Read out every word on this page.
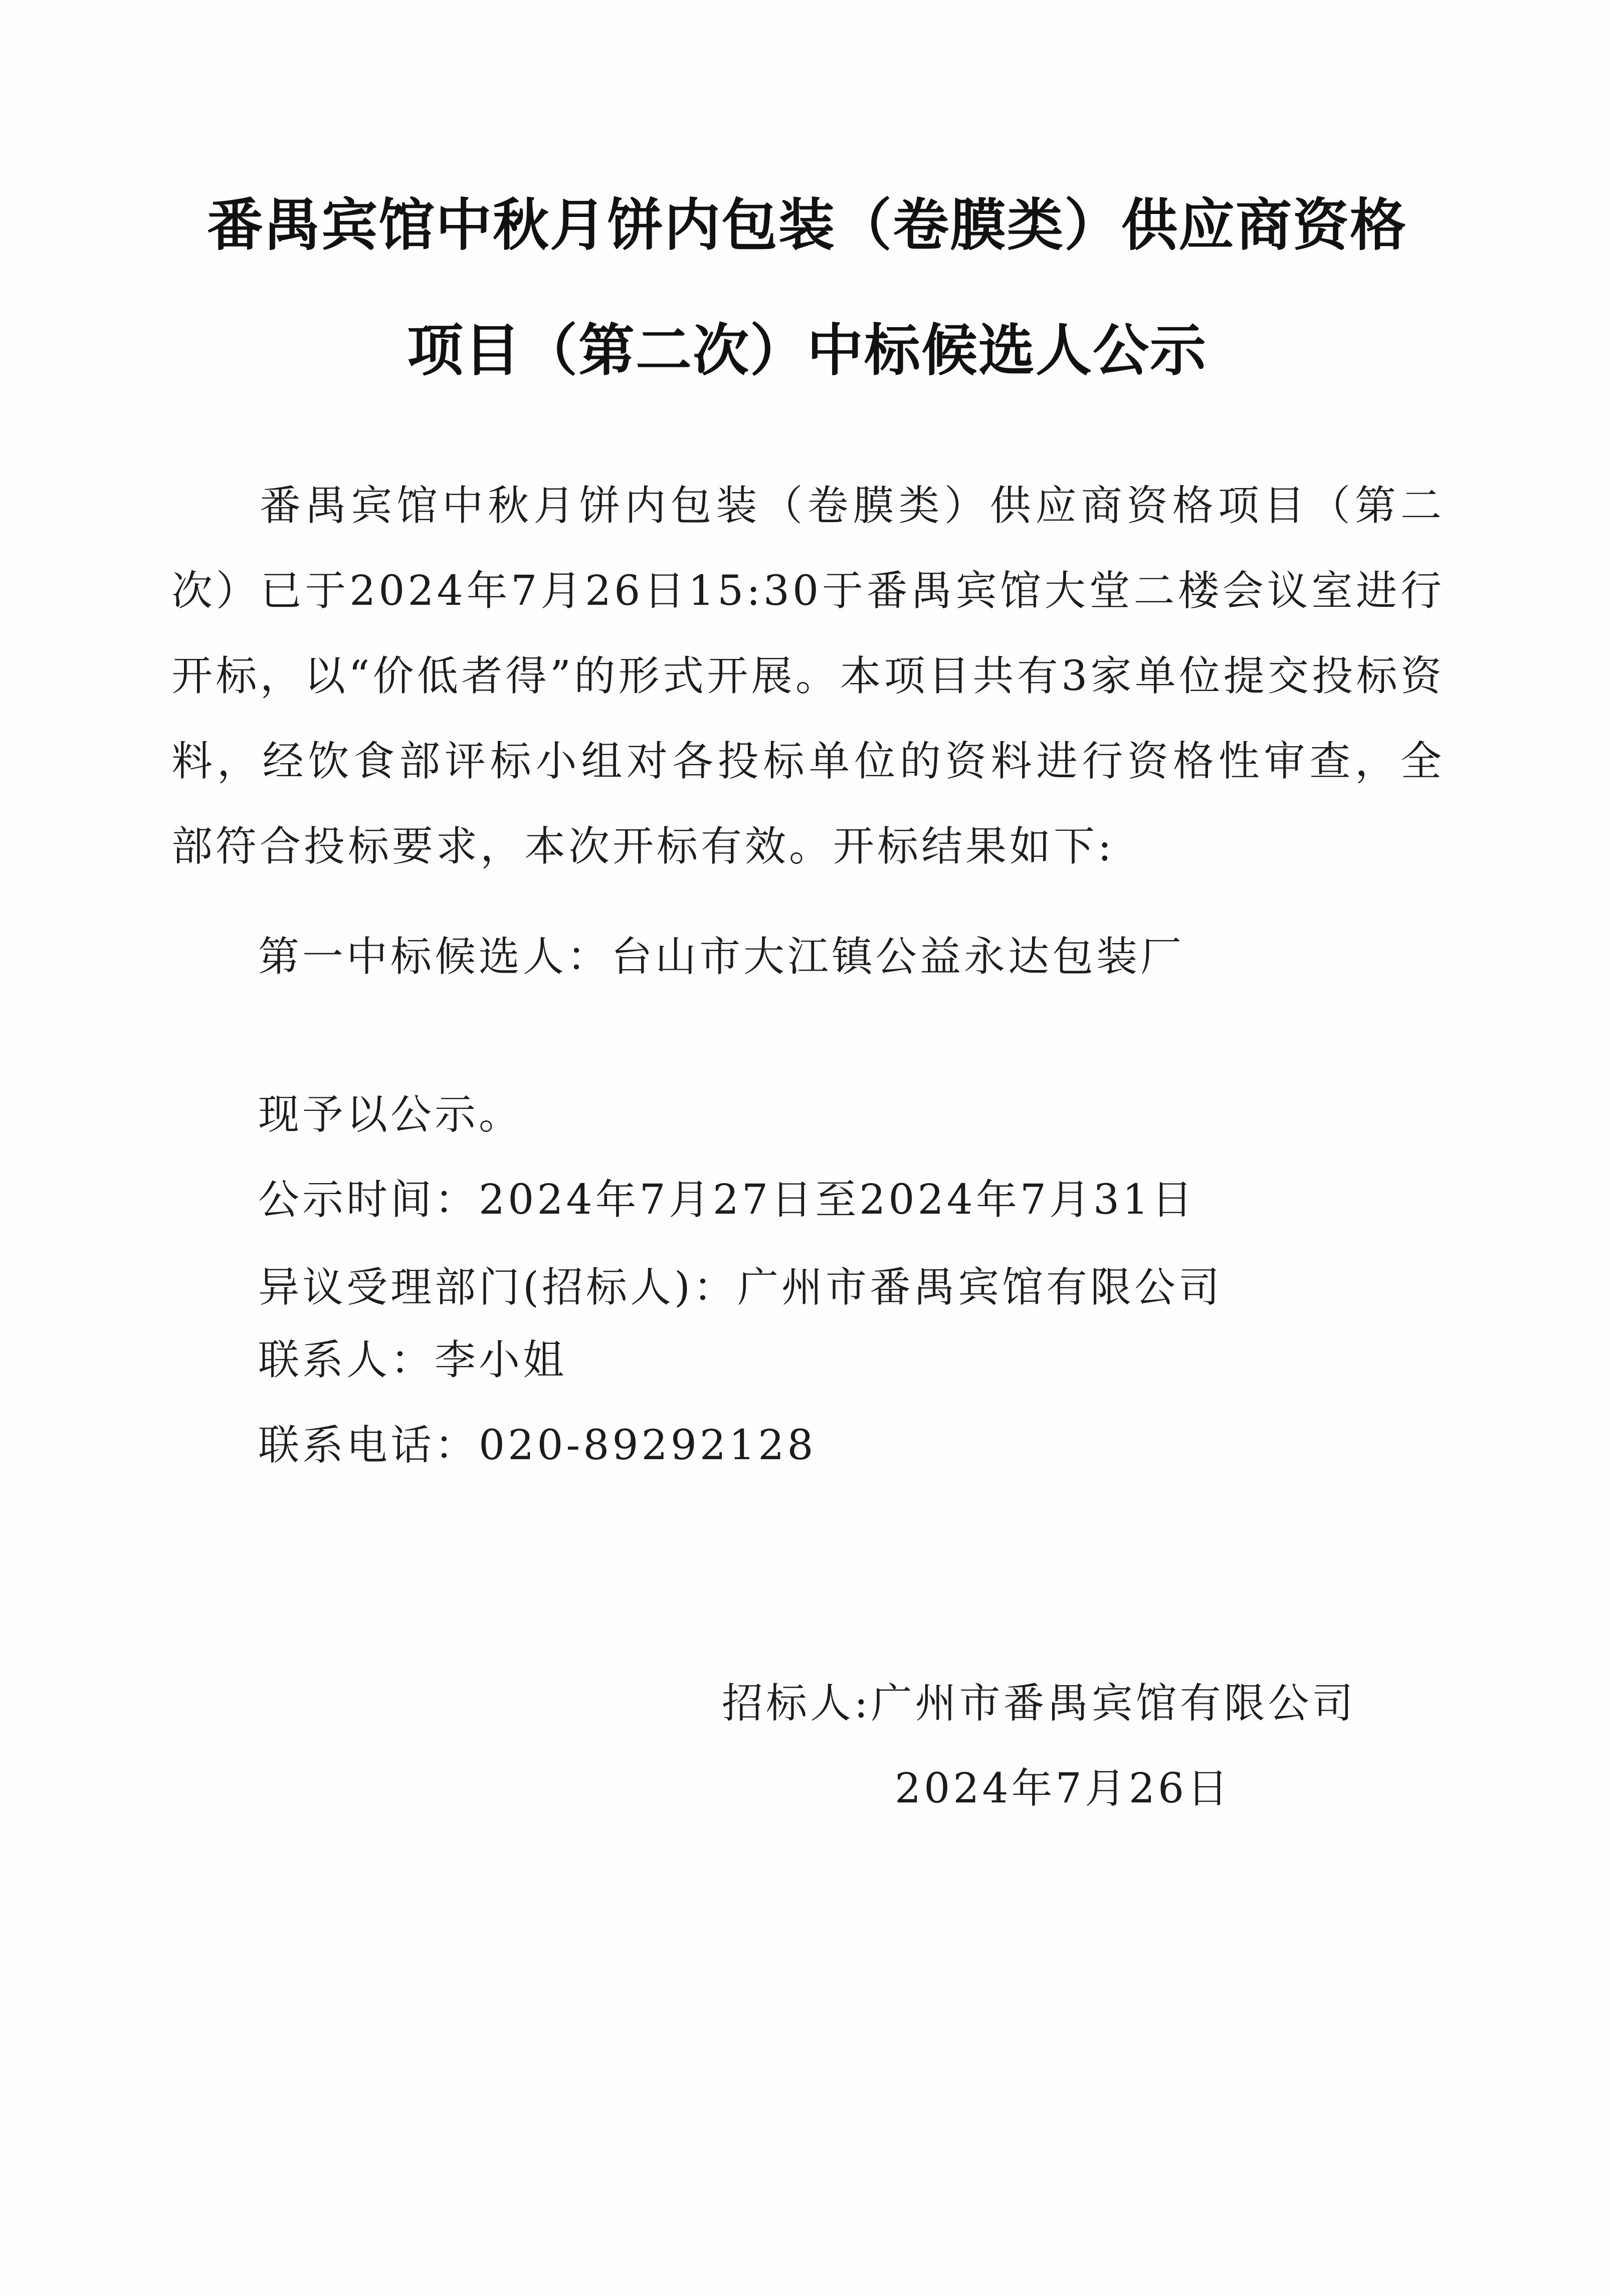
番禺宾馆中秋月饼内包装（卷膜类）供应商资格
项目（第二次）中标候选人公示
番禺宾馆中秋月饼内包装（卷膜类）供应商资格项目（第二次）已于2024年7月26日15:30于番禺宾馆大堂二楼会议室进行开标，以“价低者得”的形式开展。本项目共有3家单位提交投标资料，经饮食部评标小组对各投标单位的资料进行资格性审查，全部符合投标要求，本次开标有效。开标结果如下:
第一中标候选人：台山市大江镇公益永达包装厂
现予以公示。
公示时间：2024年7月27日至2024年7月31日
异议受理部门(招标人)：广州市番禺宾馆有限公司
联系人：李小姐
联系电话：020-89292128
招标人:广州市番禺宾馆有限公司
2024年7月26日
